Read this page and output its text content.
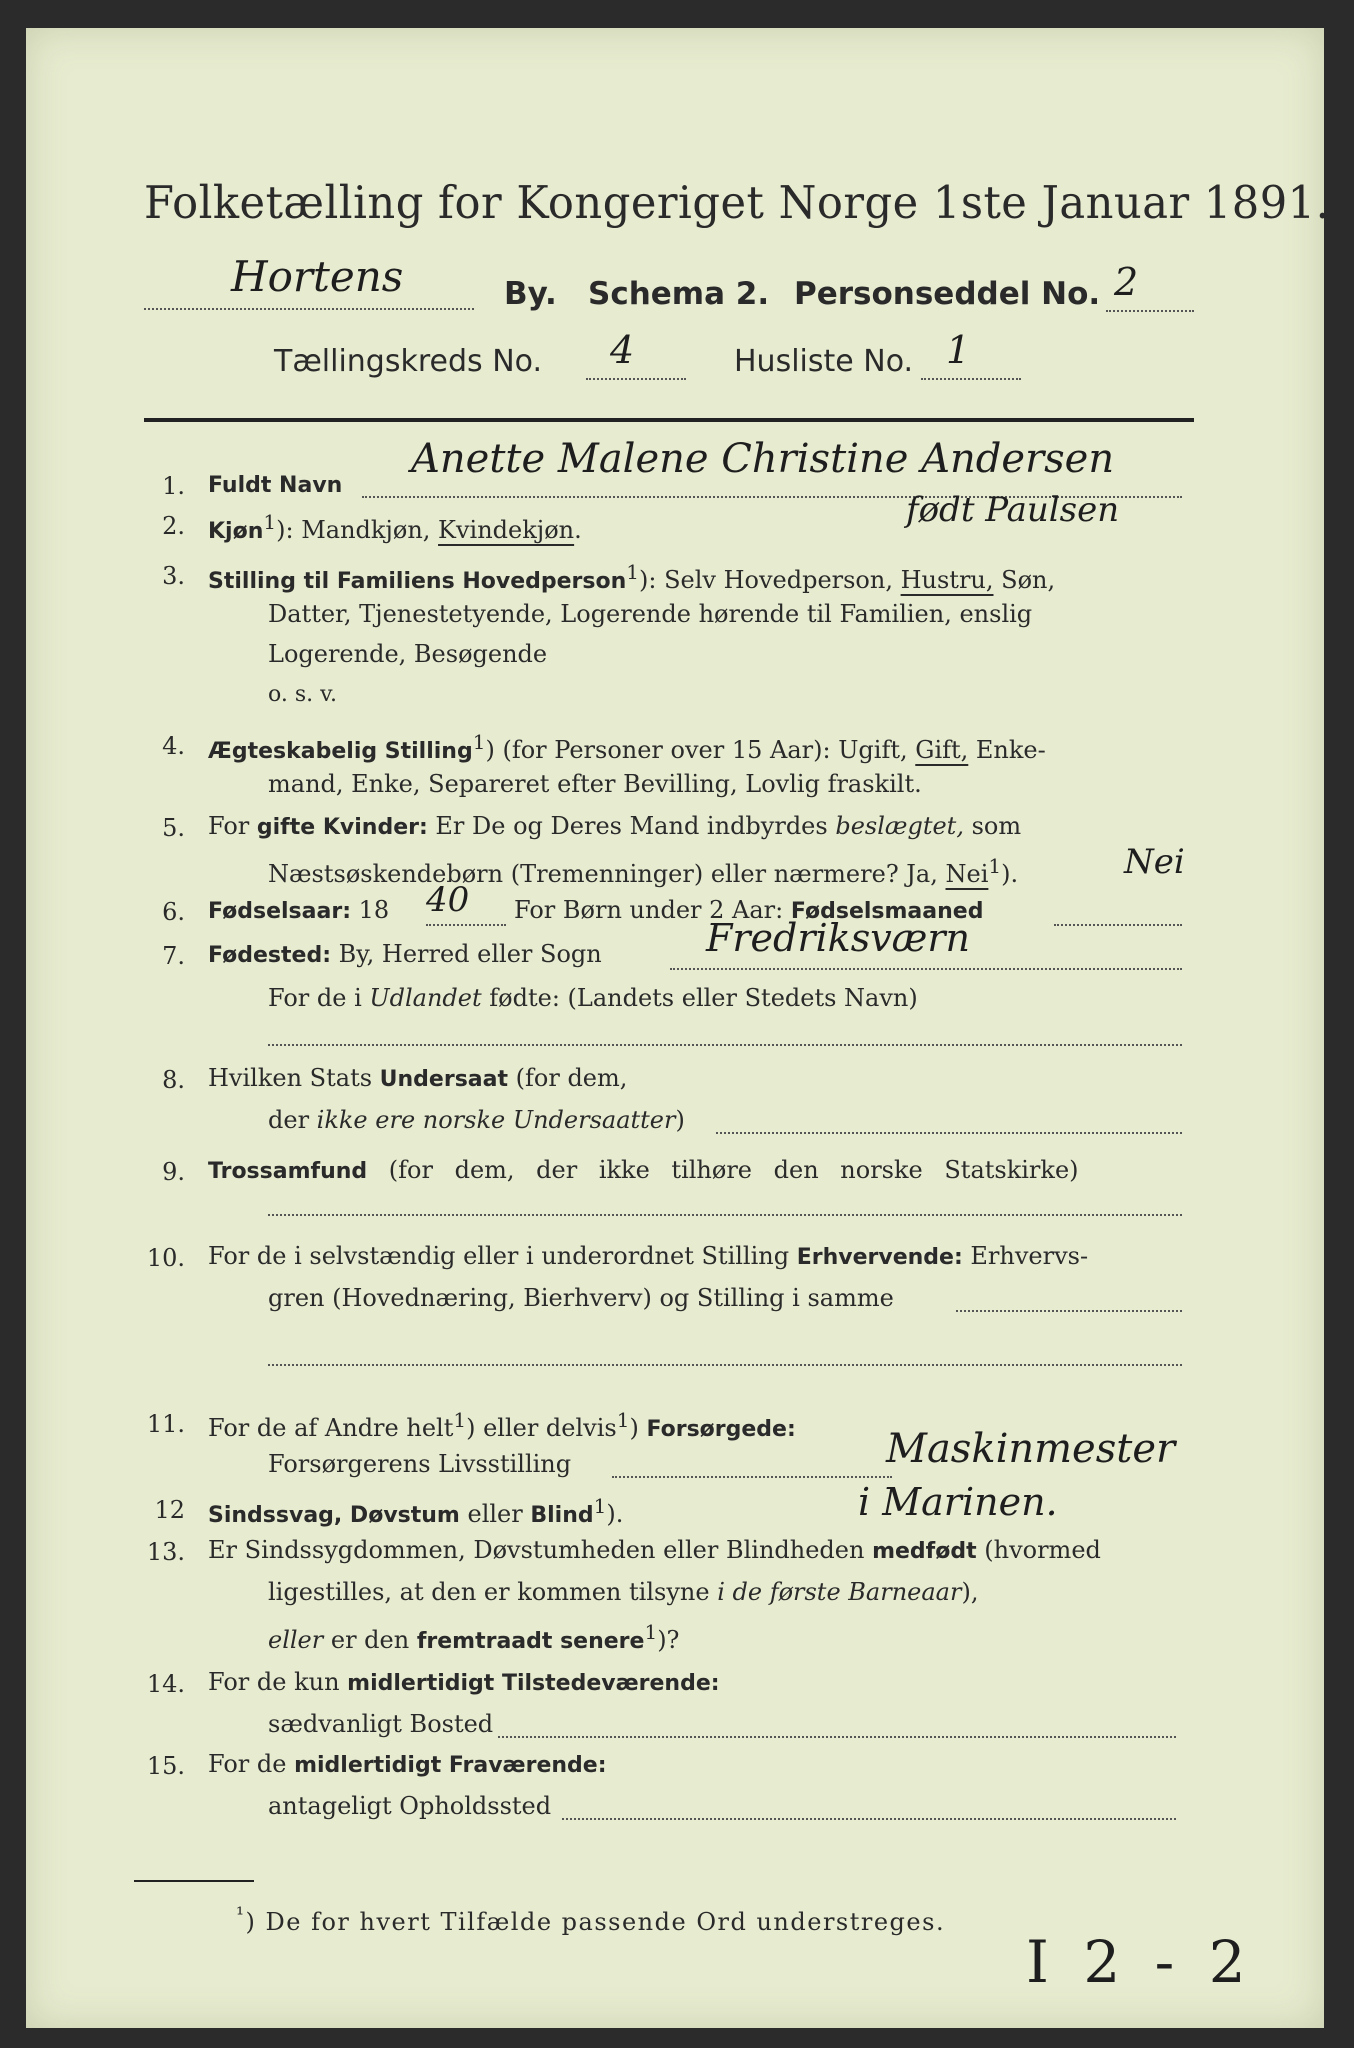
Folketælling for Kongeriget Norge 1ste Januar 1891.
Hortens	By. Schema 2. Personseddel No. 2
Tællingskreds No. 4	Husliste No. 1
1. Fuldt Navn
Anette Malene Christine Andersen
2. Kjøn$^1$): Mandkjøn, Kvindekjøn.	født Paulsen
3. Stilling til Familiens Hovedperson$^1$): Selv Hovedperson, Hustru, Søn,
Datter, Tjenestetyende, Logerende hørende til Familien, enslig
Logerende, Besøgende
o. s. v.
4. Ægteskabelig Stilling$^1$) (for Personer over 15 Aar): Ugift, Gift, Enke-
mand, Enke, Separeret efter Bevilling, Lovlig fraskilt.
5. For gifte Kvinder: Er De og Deres Mand indbyrdes beslægtet, som
Næstsøskendebørn (Tremenninger) eller nærmere? Ja, Nei$^1$).	Nei
6. Fødselsaar: 18 40 For Børn under 2 Aar: Fødselsmaaned
7. Fødested: By, Herred eller Sogn	Fredriksværn
For de i Udlandet fødte: (Landets eller Stedets Navn)
8. Hvilken Stats Undersaat (for dem,
der ikke ere norske Undersaatter)
9. Trossamfund (for dem, der ikke tilhøre den norske Statskirke)
10. For de i selvstændig eller i underordnet Stilling Erhvervende: Erhvervs-
gren (Hovednæring, Bierhverv) og Stilling i samme
11. For de af Andre helt$^1$) eller delvis$^1$) Forsørgede:
Forsørgerens Livsstilling	Maskinmester
12 Sindssvag, Døvstum eller Blind$^1$).	i Marinen.
13. Er Sindssygdommen, Døvstumheden eller Blindheden medfødt (hvormed
ligestilles, at den er kommen tilsyne i de første Barneaar),
eller er den fremtraadt senere$^1$)?
14. For de kun midlertidigt Tilstedeværende:
sædvanligt Bosted
15. For de midlertidigt Fraværende:
antageligt Opholdssted
$^{^1}$) De for hvert Tilfælde passende Ord understreges.
I 2 - 2
